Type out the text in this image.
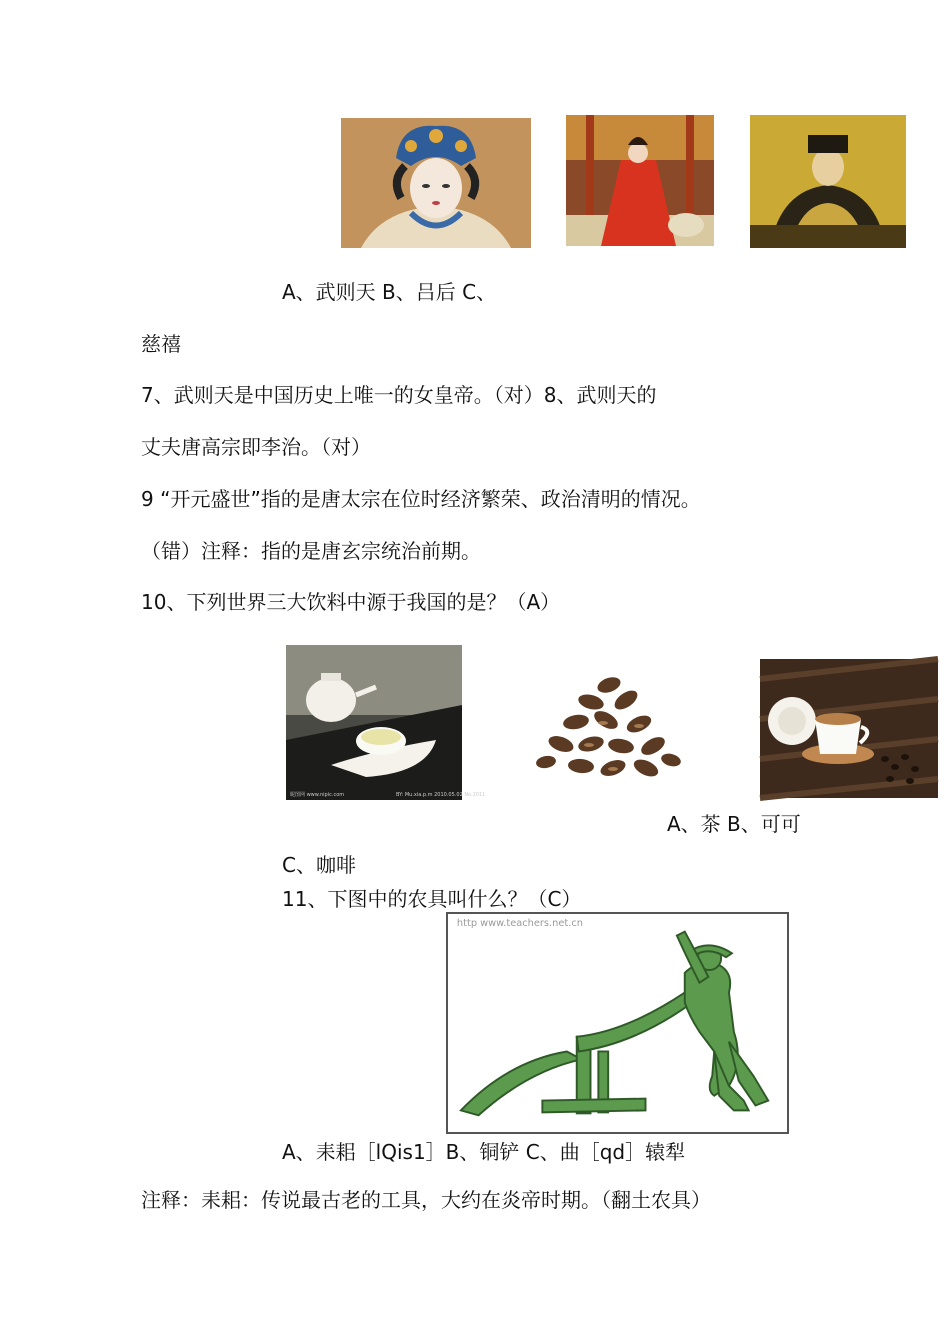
A、武则天 B、吕后 C、
慈禧
7、武则天是中国历史上唯一的女皇帝。（对）8、武则天的
丈夫唐高宗即李治。（对）
9 “开元盛世”指的是唐太宗在位时经济繁荣、政治清明的情况。
（错）注释：指的是唐玄宗统治前期。
10、下列世界三大饮料中源于我国的是？（A）
昵图网 www.nipic.com	BY: Mu.xia.p.m 2010.05.02 No.2011
A、茶 B、可可
C、咖啡
11、下图中的农具叫什么？（C）
http www.teachers.net.cn
A、耒耜［lQis1］B、铜铲 C、曲［qd］辕犁
注释：耒耜：传说最古老的工具，大约在炎帝时期。（翻土农具）
